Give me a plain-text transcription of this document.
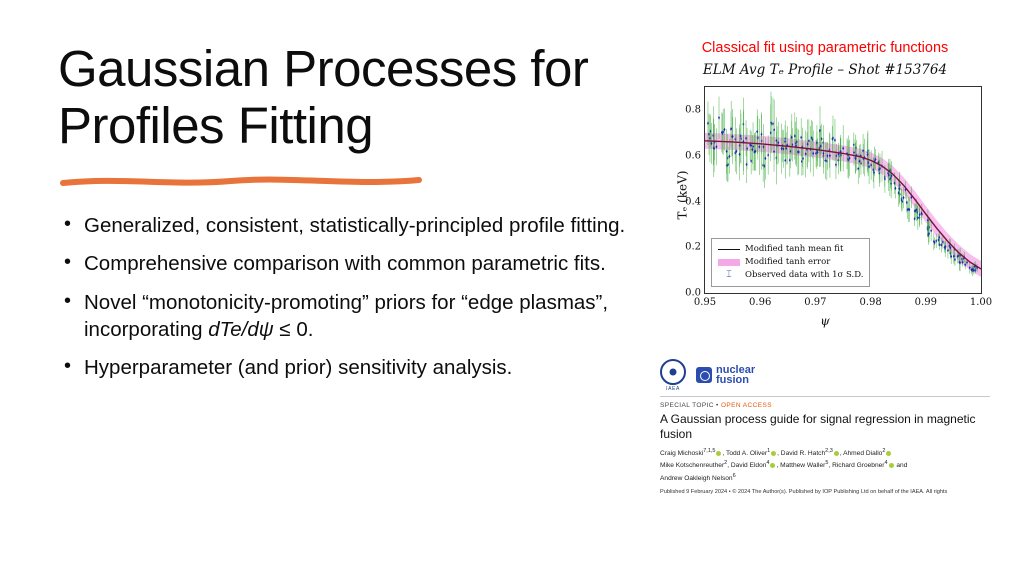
Gaussian Processes for Profiles Fitting
• Generalized, consistent, statistically-principled profile fitting.
• Comprehensive comparison with common parametric fits.
• Novel “monotonicity-promoting” priors for “edge plasmas”, incorporating dTe/dψ ≤ 0.
• Hyperparameter (and prior) sensitivity analysis.
Classical fit using parametric functions
ELM Avg Tₑ Profile – Shot #153764
Tₑ (keV)
ψ
0.0
0.2
0.4
0.6
0.8
0.95	0.96	0.97	0.98	0.99	1.00
Modified tanh mean fit
Modified tanh error
⌶	Observed data with 1σ S.D.
IAEA
nuclear
fusion
SPECIAL TOPIC • OPEN ACCESS
A Gaussian process guide for signal regression in magnetic fusion
Craig Michoski$^{7,1,5}$ , Todd A. Oliver$^1$ , David R. Hatch$^{2,3}$ , Ahmed Diallo$^2$
Mike Kotschenreuther$^2$, David Eldon$^4$ , Matthew Waller$^5$, Richard Groebner$^4$ and
Andrew Oakleigh Nelson$^6$
Published 9 February 2024 • © 2024 The Author(s). Published by IOP Publishing Ltd on behalf of the IAEA. All rights
